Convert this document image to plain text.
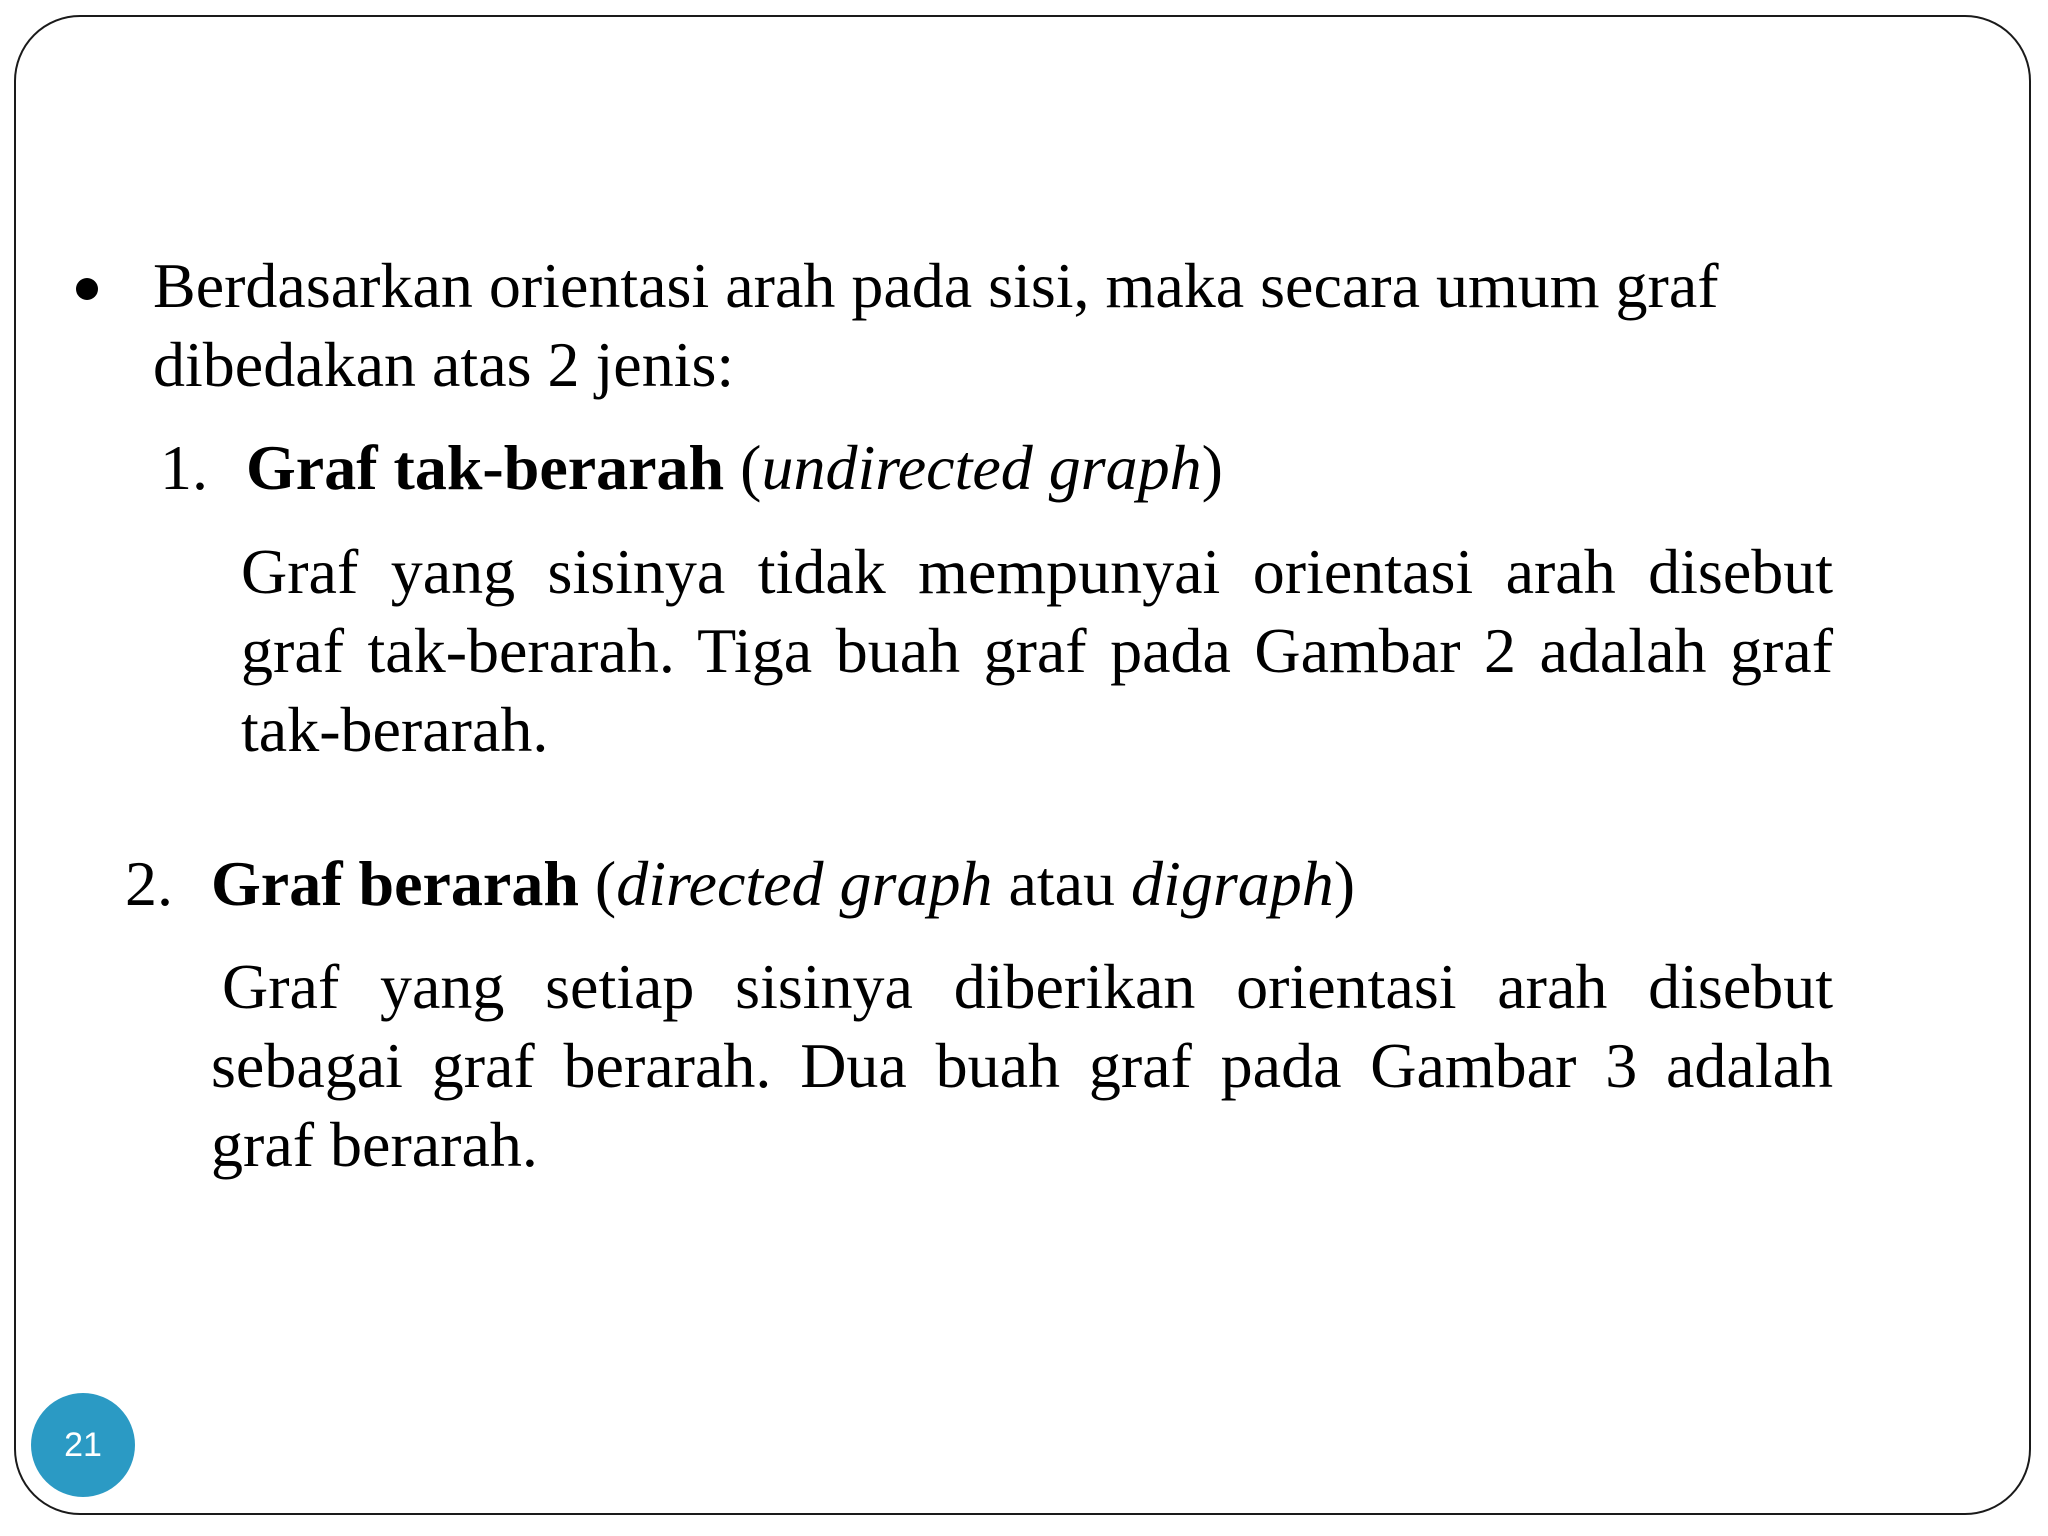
Berdasarkan orientasi arah pada sisi, maka secara umum graf
dibedakan atas 2 jenis:
1. Graf tak-berarah (undirected graph)
Graf yang sisinya tidak mempunyai orientasi arah disebut graf tak-berarah. Tiga buah graf pada Gambar 2 adalah graf tak-berarah.
2. Graf berarah (directed graph atau digraph)
Graf yang setiap sisinya diberikan orientasi arah disebut sebagai graf berarah. Dua buah graf pada Gambar 3 adalah graf berarah.
21
